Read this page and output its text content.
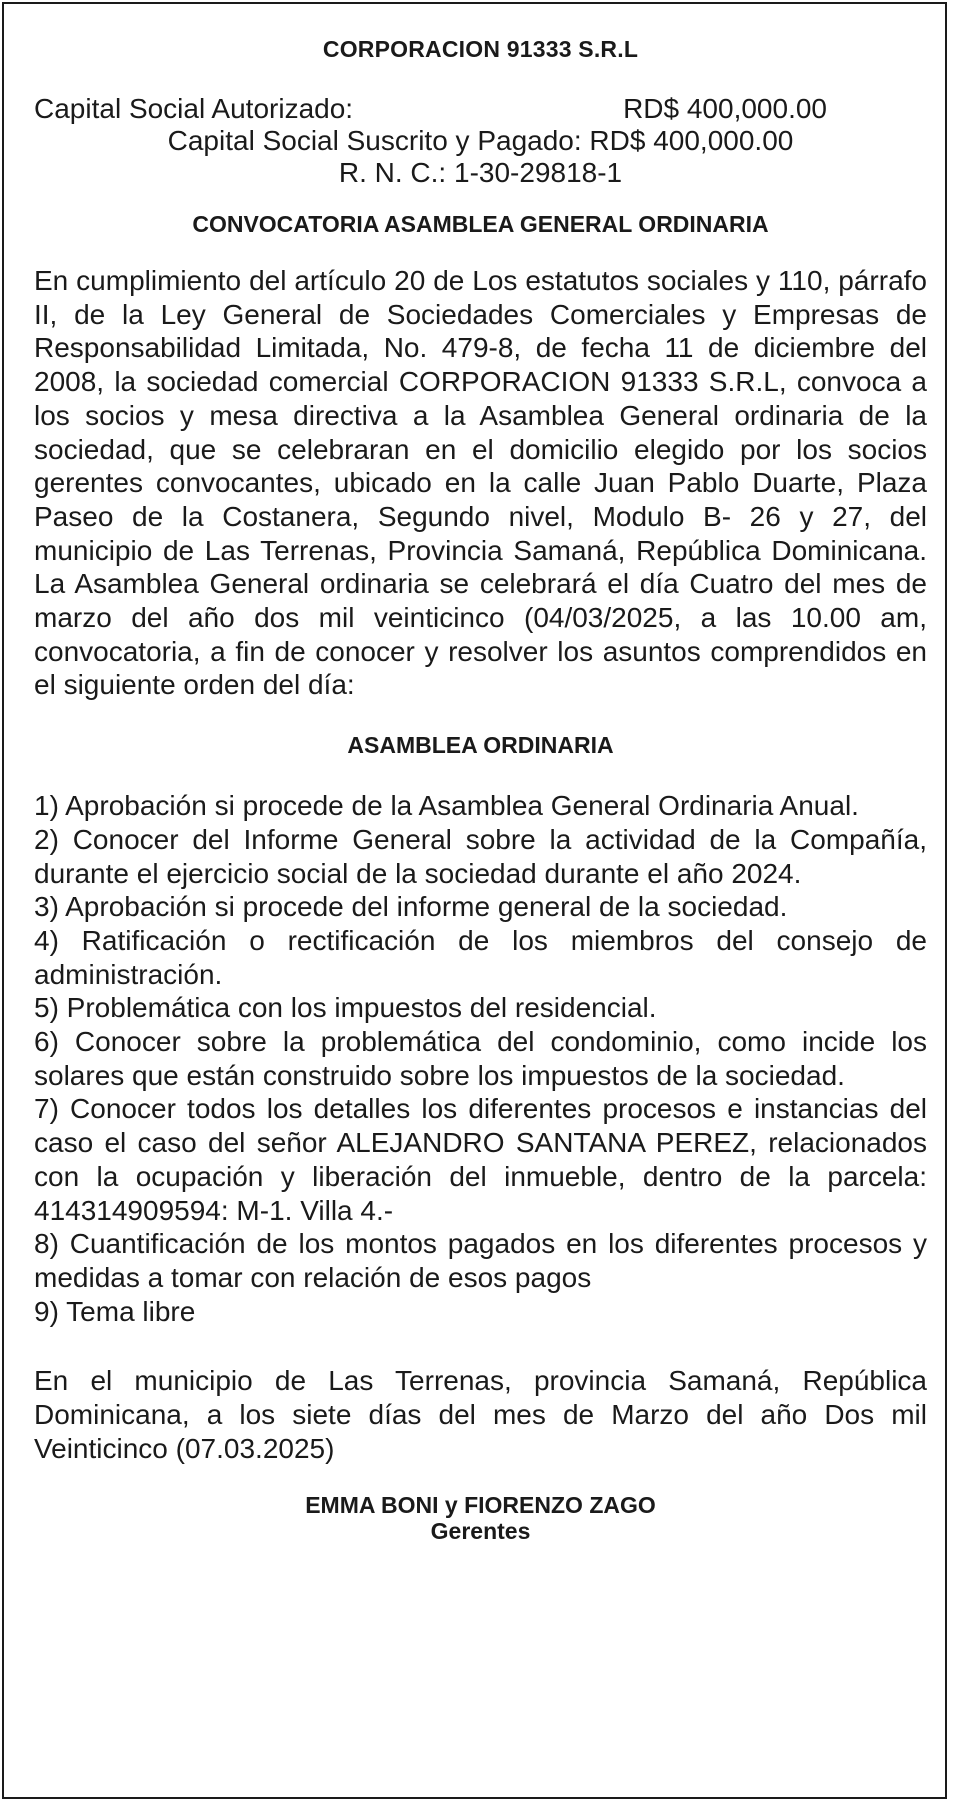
CORPORACION 91333 S.R.L
Capital Social Autorizado:	RD$ 400,000.00
Capital Social Suscrito y Pagado: RD$ 400,000.00
R. N. C.: 1-30-29818-1
CONVOCATORIA ASAMBLEA GENERAL ORDINARIA

En cumplimiento del artículo 20 de Los estatutos sociales y 110, párrafo II, de la Ley General de Sociedades Comerciales y Empresas de Responsabilidad Limitada, No. 479-8, de fecha 11 de diciembre del 2008, la sociedad comercial CORPORACION 91333 S.R.L, convoca a los socios y mesa directiva a la Asamblea General ordinaria de la sociedad, que se celebraran en el domicilio elegido por los socios gerentes convocantes, ubicado en la calle Juan Pablo Duarte, Plaza Paseo de la Costanera, Segundo nivel, Modulo B- 26 y 27, del municipio de Las Terrenas, Provincia Samaná, República Dominicana. La Asamblea General ordinaria se celebrará el día Cuatro del mes de marzo del año dos mil veinticinco (04/03/2025, a las 10.00 am, convocatoria, a fin de conocer y resolver los asuntos comprendidos en el siguiente orden del día:

ASAMBLEA ORDINARIA
1) Aprobación si procede de la Asamblea General Ordinaria Anual.
2) Conocer del Informe General sobre la actividad de la Compañía, durante el ejercicio social de la sociedad durante el año 2024.
3) Aprobación si procede del informe general de la sociedad.
4) Ratificación o rectificación de los miembros del consejo de administración.
5) Problemática con los impuestos del residencial.
6) Conocer sobre la problemática del condominio, como incide los solares que están construido sobre los impuestos de la sociedad.
7) Conocer todos los detalles los diferentes procesos e instancias del caso el caso del señor ALEJANDRO SANTANA PEREZ, relacionados con la ocupación y liberación del inmueble, dentro de la parcela: 414314909594: M-1. Villa 4.-
8) Cuantificación de los montos pagados en los diferentes procesos y medidas a tomar con relación de esos pagos
9) Tema libre

En el municipio de Las Terrenas, provincia Samaná, República Dominicana, a los siete días del mes de Marzo del año Dos mil Veinticinco (07.03.2025)

EMMA BONI y FIORENZO ZAGO
Gerentes
